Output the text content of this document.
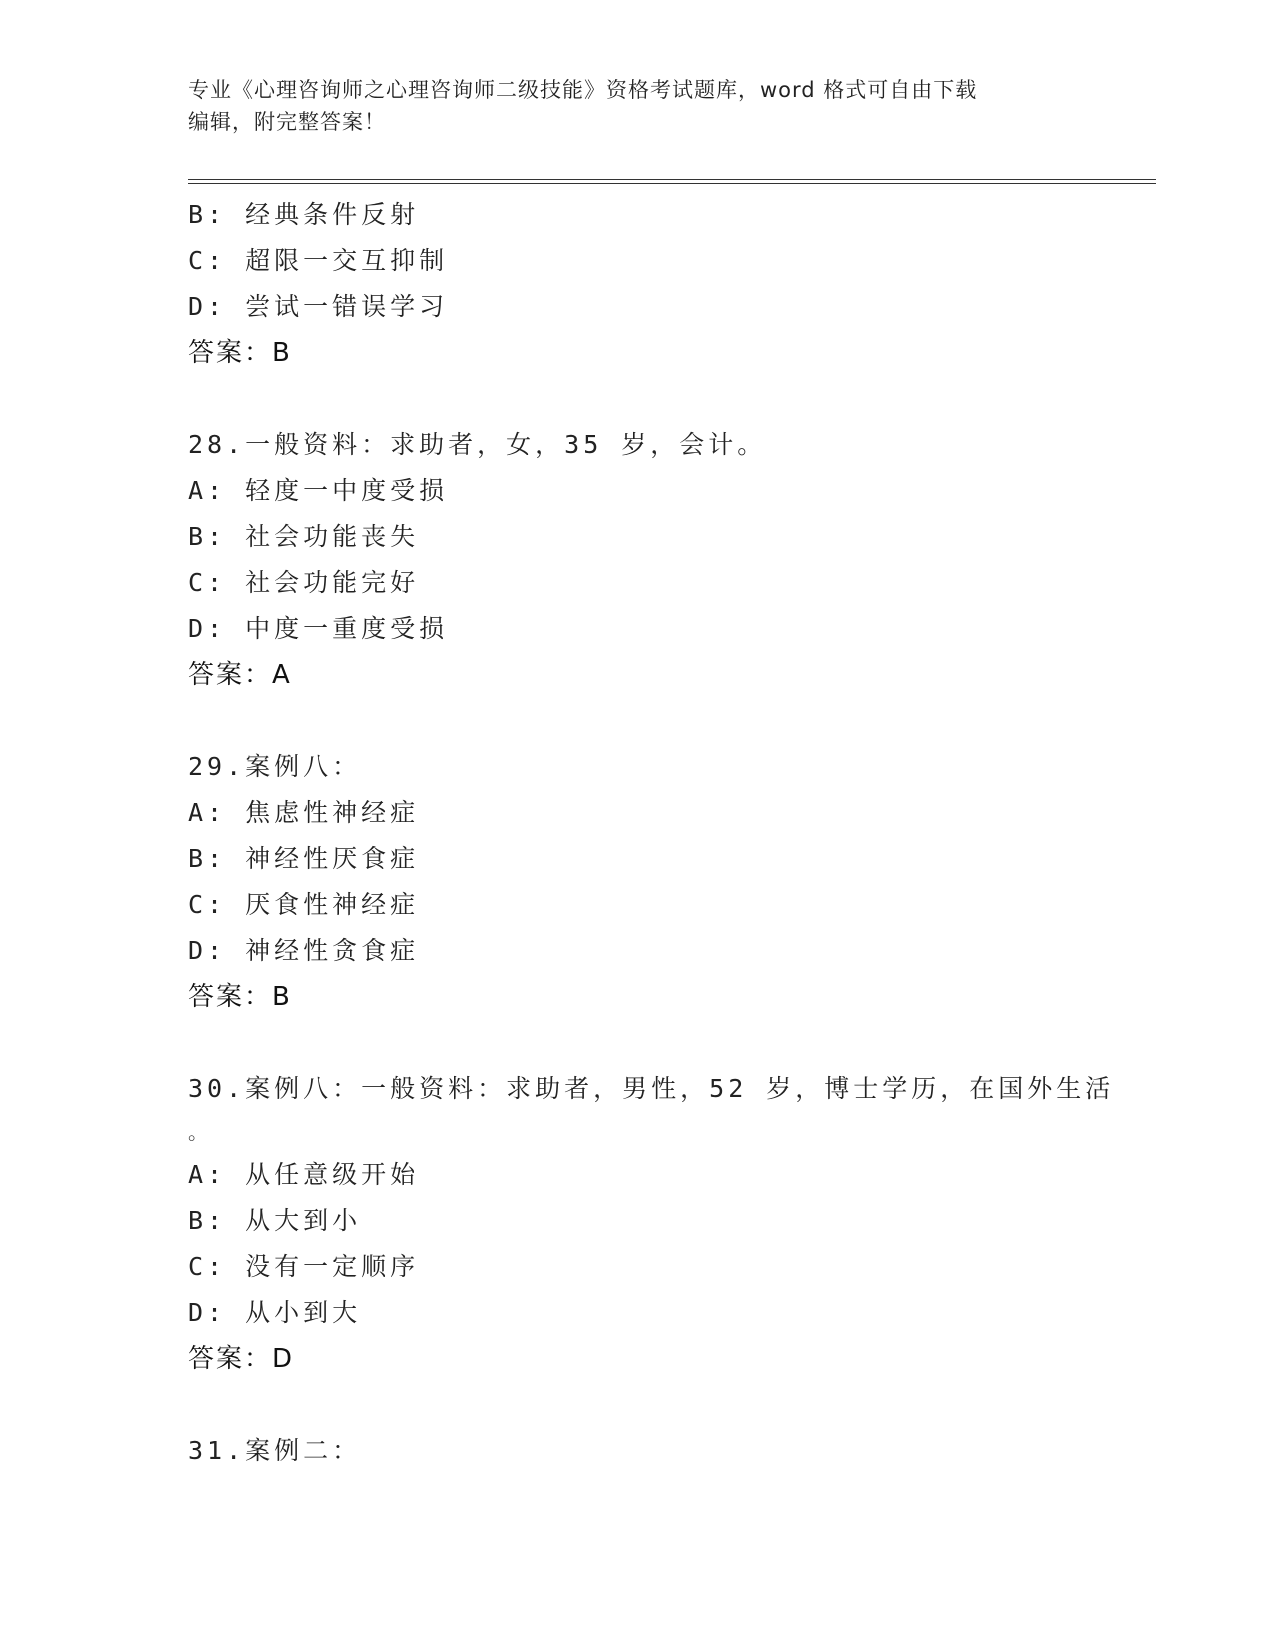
专业《心理咨询师之心理咨询师二级技能》资格考试题库，word 格式可自由下载
编辑，附完整答案！
B: 经典条件反射
C: 超限一交互抑制
D: 尝试一错误学习
答案：B
28.一般资料：求助者，女，35 岁，会计。
A: 轻度一中度受损
B: 社会功能丧失
C: 社会功能完好
D: 中度一重度受损
答案：A
29.案例八：
A: 焦虑性神经症
B: 神经性厌食症
C: 厌食性神经症
D: 神经性贪食症
答案：B
30.案例八：一般资料：求助者，男性，52 岁，博士学历，在国外生活
。
A: 从任意级开始
B: 从大到小
C: 没有一定顺序
D: 从小到大
答案：D
31.案例二：
